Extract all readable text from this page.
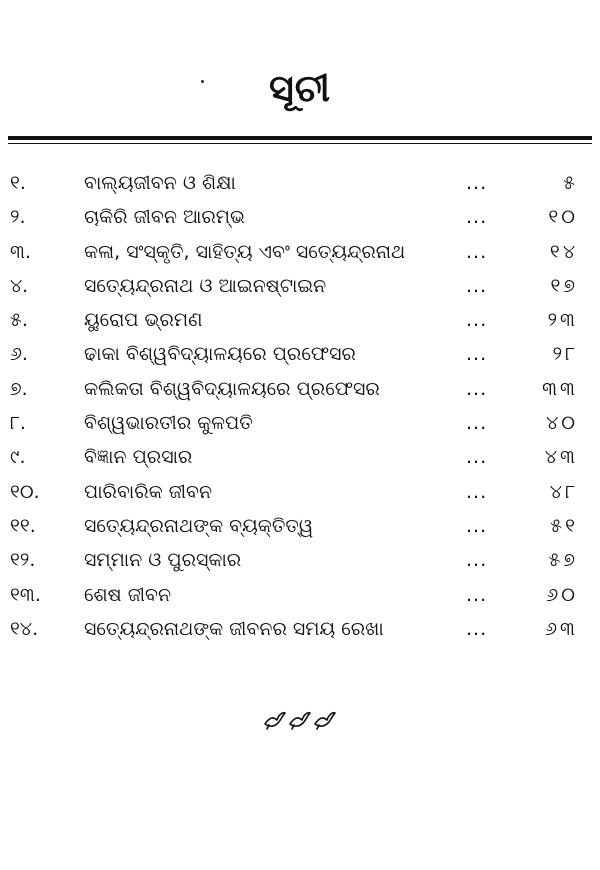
ସୂଚୀ
୧.	ବାଲ୍ୟଜୀବନ ଓ ଶିକ୍ଷା	...	୫
୨.	ଚାକିରି ଜୀବନ ଆରମ୍ଭ	...	୧୦
୩.	କଳା, ସଂସ୍କୃତି, ସାହିତ୍ୟ ଏବଂ ସତ୍ୟେନ୍ଦ୍ରନାଥ	...	୧୪
୪.	ସତ୍ୟେନ୍ଦ୍ରନାଥ ଓ ଆଇନଷ୍ଟାଇନ	...	୧୭
୫.	ୟୁରୋପ ଭ୍ରମଣ	...	୨୩
୬.	ଢାକା ବିଶ୍ୱବିଦ୍ୟାଳୟରେ ପ୍ରଫେସର	...	୨୮
୭.	କଲିକତା ବିଶ୍ୱବିଦ୍ୟାଳୟରେ ପ୍ରଫେସର	...	୩୩
୮.	ବିଶ୍ୱଭାରତୀର କୁଳପତି	...	୪୦
୯.	ବିଜ୍ଞାନ ପ୍ରସାର	...	୪୩
୧୦.	ପାରିବାରିକ ଜୀବନ	...	୪୮
୧୧.	ସତ୍ୟେନ୍ଦ୍ରନାଥଙ୍କ ବ୍ୟକ୍ତିତ୍ୱ	...	୫୧
୧୨.	ସମ୍ମାନ ଓ ପୁରସ୍କାର	...	୫୭
୧୩.	ଶେଷ ଜୀବନ	...	୬୦
୧୪.	ସତ୍ୟେନ୍ଦ୍ରନାଥଙ୍କ ଜୀବନର ସମୟ ରେଖା	...	୬୩
